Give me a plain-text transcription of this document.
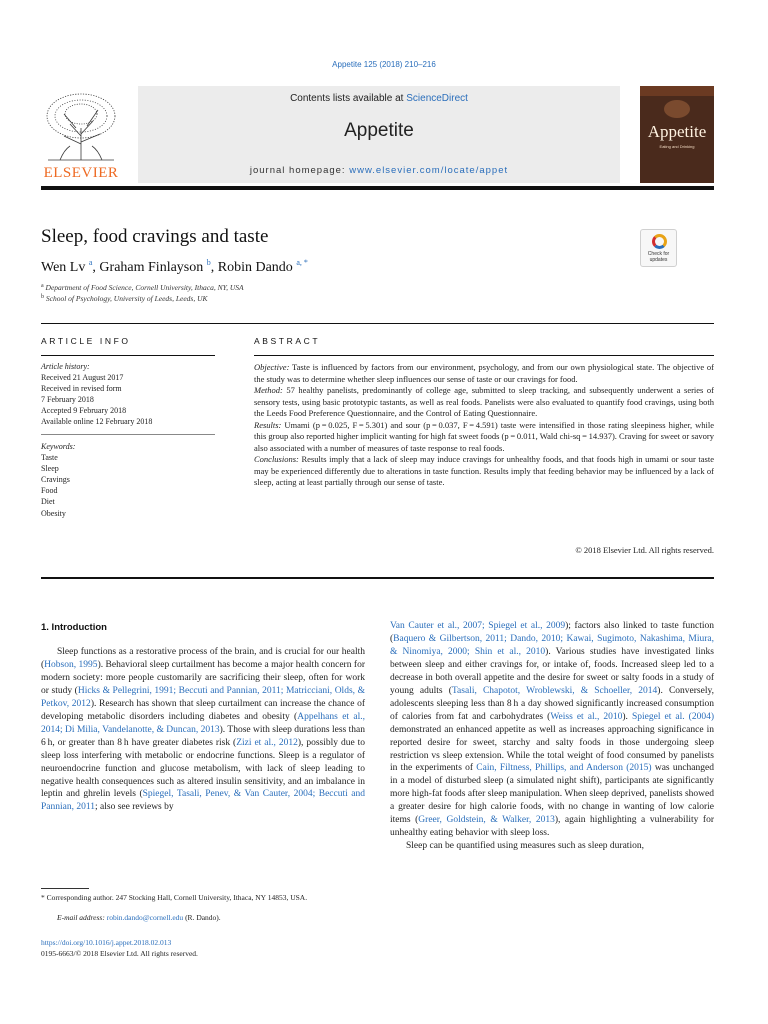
Appetite 125 (2018) 210–216
ELSEVIER
Contents lists available at ScienceDirect
Appetite
journal homepage: www.elsevier.com/locate/appet
Appetite
Eating and Drinking
Sleep, food cravings and taste
Wen Lv $^a$, Graham Finlayson $^b$, Robin Dando $^{a, *}$
$^a$ Department of Food Science, Cornell University, Ithaca, NY, USA
$^b$ School of Psychology, University of Leeds, Leeds, UK
Check for
updates
ARTICLE INFO	ABSTRACT
Article history:
Received 21 August 2017
Received in revised form
7 February 2018
Accepted 9 February 2018
Available online 12 February 2018
Keywords:
Taste
Sleep
Cravings
Food
Diet
Obesity
Objective: Taste is influenced by factors from our environment, psychology, and from our own physiological state. The objective of the study was to determine whether sleep influences our sense of taste or our cravings for food.
Method: 57 healthy panelists, predominantly of college age, submitted to sleep tracking, and subsequently underwent a series of sensory tests, using basic prototypic tastants, as well as real foods. Panelists were also evaluated to quantify food cravings, using both the Leeds Food Preference Questionnaire, and the Control of Eating Questionnaire.
Results: Umami (p = 0.025, F = 5.301) and sour (p = 0.037, F = 4.591) taste were intensified in those rating sleepiness higher, while this group also reported higher implicit wanting for high fat sweet foods (p = 0.011, Wald chi-sq = 14.937). Craving for sweet or savory also associated with a number of measures of taste response to real foods.
Conclusions: Results imply that a lack of sleep may induce cravings for unhealthy foods, and that foods high in umami or sour taste may be experienced differently due to alterations in taste function. Results imply that feeding behavior may be influenced by a lack of sleep, acting at least partially through our sense of taste.
© 2018 Elsevier Ltd. All rights reserved.
1. Introduction

Sleep functions as a restorative process of the brain, and is crucial for our health (Hobson, 1995). Behavioral sleep curtailment has become a major health concern for modern society: more people customarily are sacrificing their sleep, often for work or study (Hicks & Pellegrini, 1991; Beccuti and Pannian, 2011; Matricciani, Olds, & Petkov, 2012). Research has shown that sleep curtailment can increase the chance of developing metabolic disorders including diabetes and obesity (Appelhans et al., 2014; Di Milia, Vandelanotte, & Duncan, 2013). Those with sleep durations less than 6 h, or greater than 8 h have greater diabetes risk (Zizi et al., 2012), possibly due to sleep loss interfering with metabolic or endocrine functions. Sleep is a regulator of neuroendocrine function and glucose metabolism, with lack of sleep leading to negative health consequences such as altered insulin sensitivity, and an imbalance in leptin and ghrelin levels (Spiegel, Tasali, Penev, & Van Cauter, 2004; Beccuti and Pannian, 2011; also see reviews by

Van Cauter et al., 2007; Spiegel et al., 2009); factors also linked to taste function (Baquero & Gilbertson, 2011; Dando, 2010; Kawai, Sugimoto, Nakashima, Miura, & Ninomiya, 2000; Shin et al., 2010). Various studies have investigated links between sleep and either cravings for, or intake of, foods. Increased sleep led to a decrease in both overall appetite and the desire for sweet or salty foods in a study of young adults (Tasali, Chapotot, Wroblewski, & Schoeller, 2014). Conversely, adolescents sleeping less than 8 h a day showed significantly increased consumption of calories from fat and carbohydrates (Weiss et al., 2010). Spiegel et al. (2004) demonstrated an enhanced appetite as well as increases approaching significance in reported desire for sweet, starchy and salty foods in those undergoing sleep restriction vs sleep extension. While the total weight of food consumed by panelists in the experiments of Cain, Filtness, Phillips, and Anderson (2015) was unchanged in a model of disturbed sleep (a simulated night shift), participants ate significantly more high-fat foods after sleep manipulation. When sleep deprived, panelists showed a greater desire for high calorie foods, with no change in wanting of low calorie items (Greer, Goldstein, & Walker, 2013), again highlighting a vulnerability for unhealthy eating behavior with sleep loss.

Sleep can be quantified using measures such as sleep duration,

* Corresponding author. 247 Stocking Hall, Cornell University, Ithaca, NY 14853, USA.
E-mail address: robin.dando@cornell.edu (R. Dando).
https://doi.org/10.1016/j.appet.2018.02.013
0195-6663/© 2018 Elsevier Ltd. All rights reserved.
